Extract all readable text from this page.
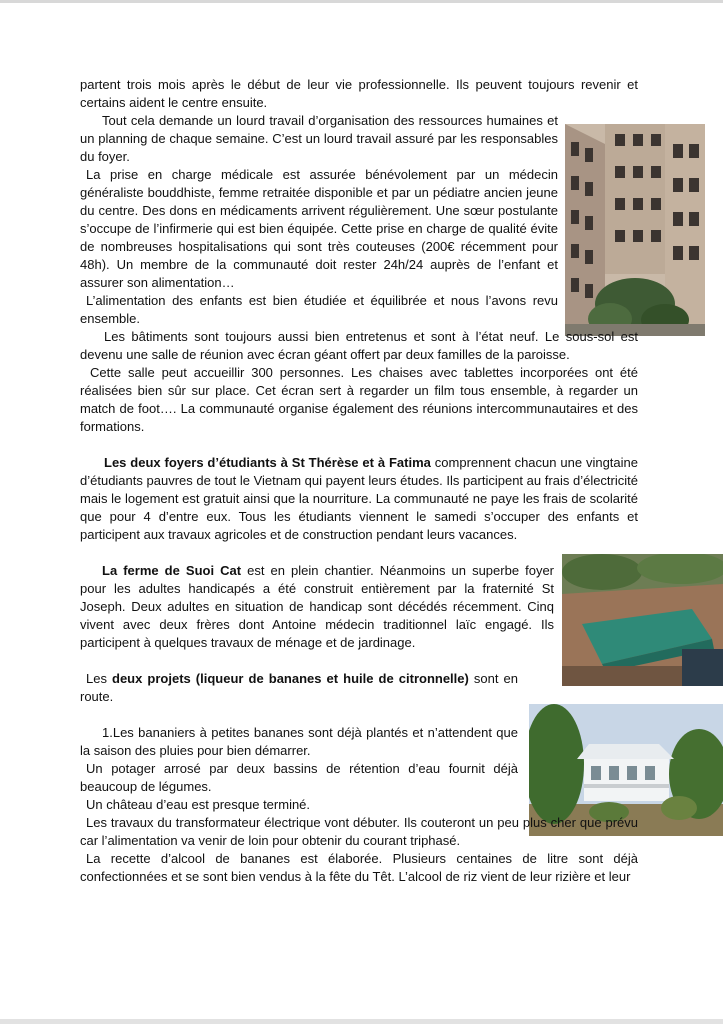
partent trois mois après le début de leur vie professionnelle. Ils peuvent toujours revenir et certains aident le centre ensuite.

Tout cela demande un lourd travail d’organisation des ressources humaines et un planning de chaque semaine. C’est un lourd travail assuré par les responsables du foyer.

La prise en charge médicale est assurée bénévolement par un médecin généraliste bouddhiste, femme retraitée disponible et par un pédiatre ancien jeune du centre. Des dons en médicaments arrivent régulièrement. Une sœur postulante s’occupe de l’infirmerie qui est bien équipée. Cette prise en charge de qualité évite de nombreuses hospitalisations qui sont très couteuses (200€ récemment pour 48h). Un membre de la communauté doit rester 24h/24 auprès de l’enfant et assurer son alimentation…

L’alimentation des enfants est bien étudiée et équilibrée et nous l’avons revu ensemble.

Les bâtiments sont toujours aussi bien entretenus et sont à l’état neuf. Le sous-sol est devenu une salle de réunion avec écran géant offert par deux familles de la paroisse.

Cette salle peut accueillir 300 personnes. Les chaises avec tablettes incorporées ont été réalisées bien sûr sur place. Cet écran sert à regarder un film tous ensemble, à regarder un match de foot…. La communauté organise également des réunions intercommunautaires et des formations.

Les deux foyers d’étudiants à St Thérèse et à Fatima comprennent chacun une vingtaine d’étudiants pauvres de tout le Vietnam qui payent leurs études. Ils participent au frais d’électricité mais le logement est gratuit ainsi que la nourriture. La communauté ne paye les frais de scolarité que pour 4 d’entre eux. Tous les étudiants viennent le samedi s’occuper des enfants et participent aux travaux agricoles et de construction pendant leurs vacances.

La ferme de Suoi Cat est en plein chantier. Néanmoins un superbe foyer pour les adultes handicapés a été construit entièrement par la fraternité St Joseph. Deux adultes en situation de handicap sont décédés récemment. Cinq vivent avec deux frères dont Antoine médecin traditionnel laïc engagé. Ils participent à quelques travaux de ménage et de jardinage.

Les deux projets (liqueur de bananes et huile de citronnelle) sont en route.

1.Les bananiers à petites bananes sont déjà plantés et n’attendent que la saison des pluies pour bien démarrer.

Un potager arrosé par deux bassins de rétention d’eau fournit déjà beaucoup de légumes.

Un château d’eau est presque terminé.

Les travaux du transformateur électrique vont débuter. Ils couteront un peu plus cher que prévu car l’alimentation va venir de loin pour obtenir du courant triphasé.

La recette d’alcool de bananes est élaborée. Plusieurs centaines de litre sont déjà confectionnées et se sont bien vendus à la fête du Têt. L’alcool de riz vient de leur rizière et leur
